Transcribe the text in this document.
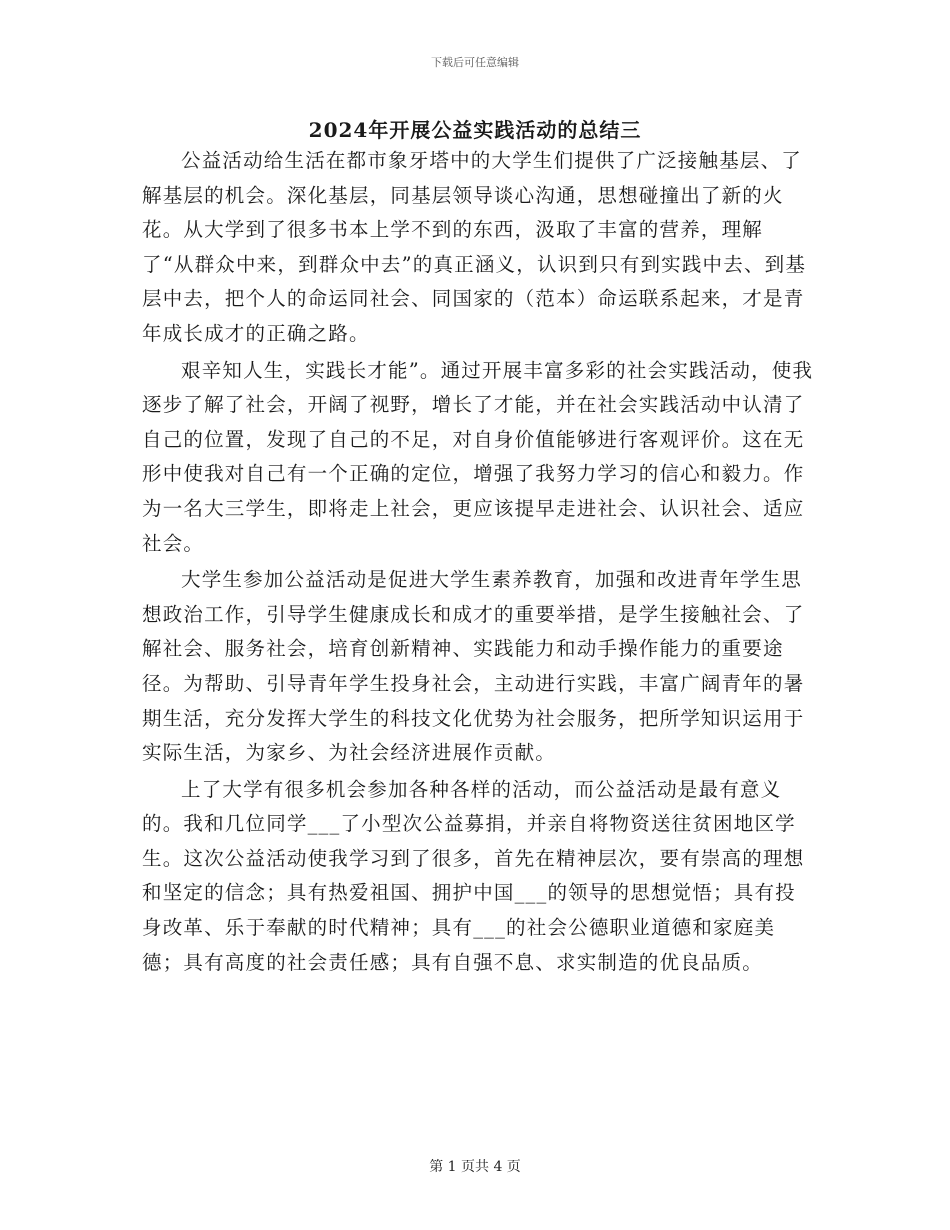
下载后可任意编辑
2024年开展公益实践活动的总结三

公益活动给生活在都市象牙塔中的大学生们提供了广泛接触基层、了解基层的机会。深化基层，同基层领导谈心沟通，思想碰撞出了新的火花。从大学到了很多书本上学不到的东西，汲取了丰富的营养，理解了“从群众中来，到群众中去”的真正涵义，认识到只有到实践中去、到基层中去，把个人的命运同社会、同国家的（范本）命运联系起来，才是青年成长成才的正确之路。

艰辛知人生，实践长才能”。通过开展丰富多彩的社会实践活动，使我逐步了解了社会，开阔了视野，增长了才能，并在社会实践活动中认清了自己的位置，发现了自己的不足，对自身价值能够进行客观评价。这在无形中使我对自己有一个正确的定位，增强了我努力学习的信心和毅力。作为一名大三学生，即将走上社会，更应该提早走进社会、认识社会、适应社会。

大学生参加公益活动是促进大学生素养教育，加强和改进青年学生思想政治工作，引导学生健康成长和成才的重要举措，是学生接触社会、了解社会、服务社会，培育创新精神、实践能力和动手操作能力的重要途径。为帮助、引导青年学生投身社会，主动进行实践，丰富广阔青年的暑期生活，充分发挥大学生的科技文化优势为社会服务，把所学知识运用于实际生活，为家乡、为社会经济进展作贡献。

上了大学有很多机会参加各种各样的活动，而公益活动是最有意义的。我和几位同学___了小型次公益募捐，并亲自将物资送往贫困地区学生。这次公益活动使我学习到了很多，首先在精神层次，要有崇高的理想和坚定的信念；具有热爱祖国、拥护中国___的领导的思想觉悟；具有投身改革、乐于奉献的时代精神；具有___的社会公德职业道德和家庭美德；具有高度的社会责任感；具有自强不息、求实制造的优良品质。

第 1 页共 4 页
